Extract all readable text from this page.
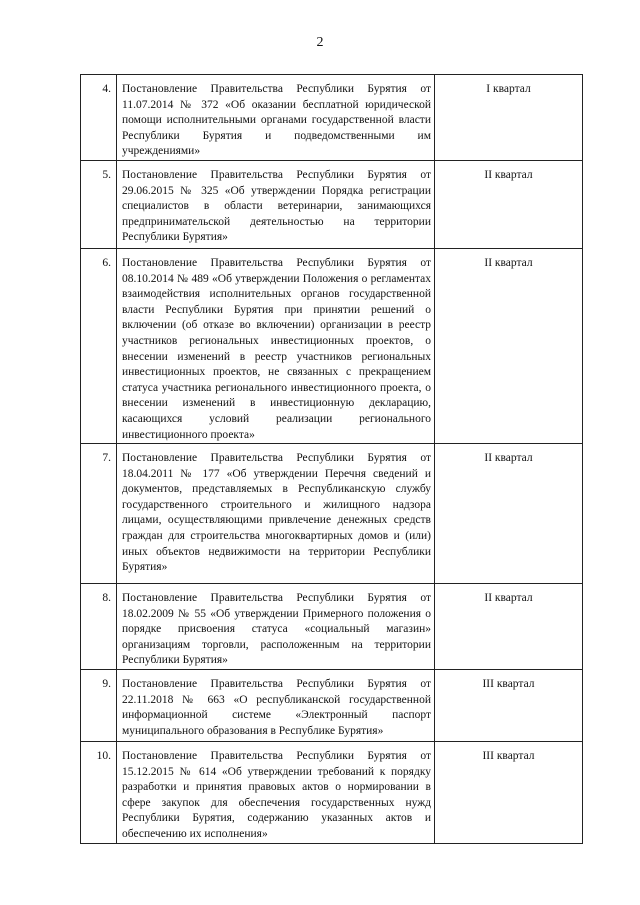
2
4.	Постановление Правительства Республики Бурятия от 11.07.2014 № 372 «Об оказании бесплатной юридической помощи исполнительными органами государственной власти Республики Бурятия и подведомственными им учреждениями»	I квартал
5.	Постановление Правительства Республики Бурятия от 29.06.2015 № 325 «Об утверждении Порядка регистрации специалистов в области ветеринарии, занимающихся предпринимательской деятельностью на территории Республики Бурятия»	II квартал
6.	Постановление Правительства Республики Бурятия от 08.10.2014 № 489 «Об утверждении Положения о регламентах взаимодействия исполнительных органов государственной власти Республики Бурятия при принятии решений о включении (об отказе во включении) организации в реестр участников региональных инвестиционных проектов, о внесении изменений в реестр участников региональных инвестиционных проектов, не связанных с прекращением статуса участника регионального инвестиционного проекта, о внесении изменений в инвестиционную декларацию, касающихся условий реализации регионального инвестиционного проекта»	II квартал
7.	Постановление Правительства Республики Бурятия от 18.04.2011 № 177 «Об утверждении Перечня сведений и документов, представляемых в Республиканскую службу государственного строительного и жилищного надзора лицами, осуществляющими привлечение денежных средств граждан для строительства многоквартирных домов и (или) иных объектов недвижимости на территории Республики Бурятия»	II квартал
8.	Постановление Правительства Республики Бурятия от 18.02.2009 № 55 «Об утверждении Примерного положения о порядке присвоения статуса «социальный магазин» организациям торговли, расположенным на территории Республики Бурятия»	II квартал
9.	Постановление Правительства Республики Бурятия от 22.11.2018 № 663 «О республиканской государственной информационной системе «Электронный паспорт муниципального образования в Республике Бурятия»	III квартал
10.	Постановление Правительства Республики Бурятия от 15.12.2015 № 614 «Об утверждении требований к порядку разработки и принятия правовых актов о нормировании в сфере закупок для обеспечения государственных нужд Республики Бурятия, содержанию указанных актов и обеспечению их исполнения»	III квартал
